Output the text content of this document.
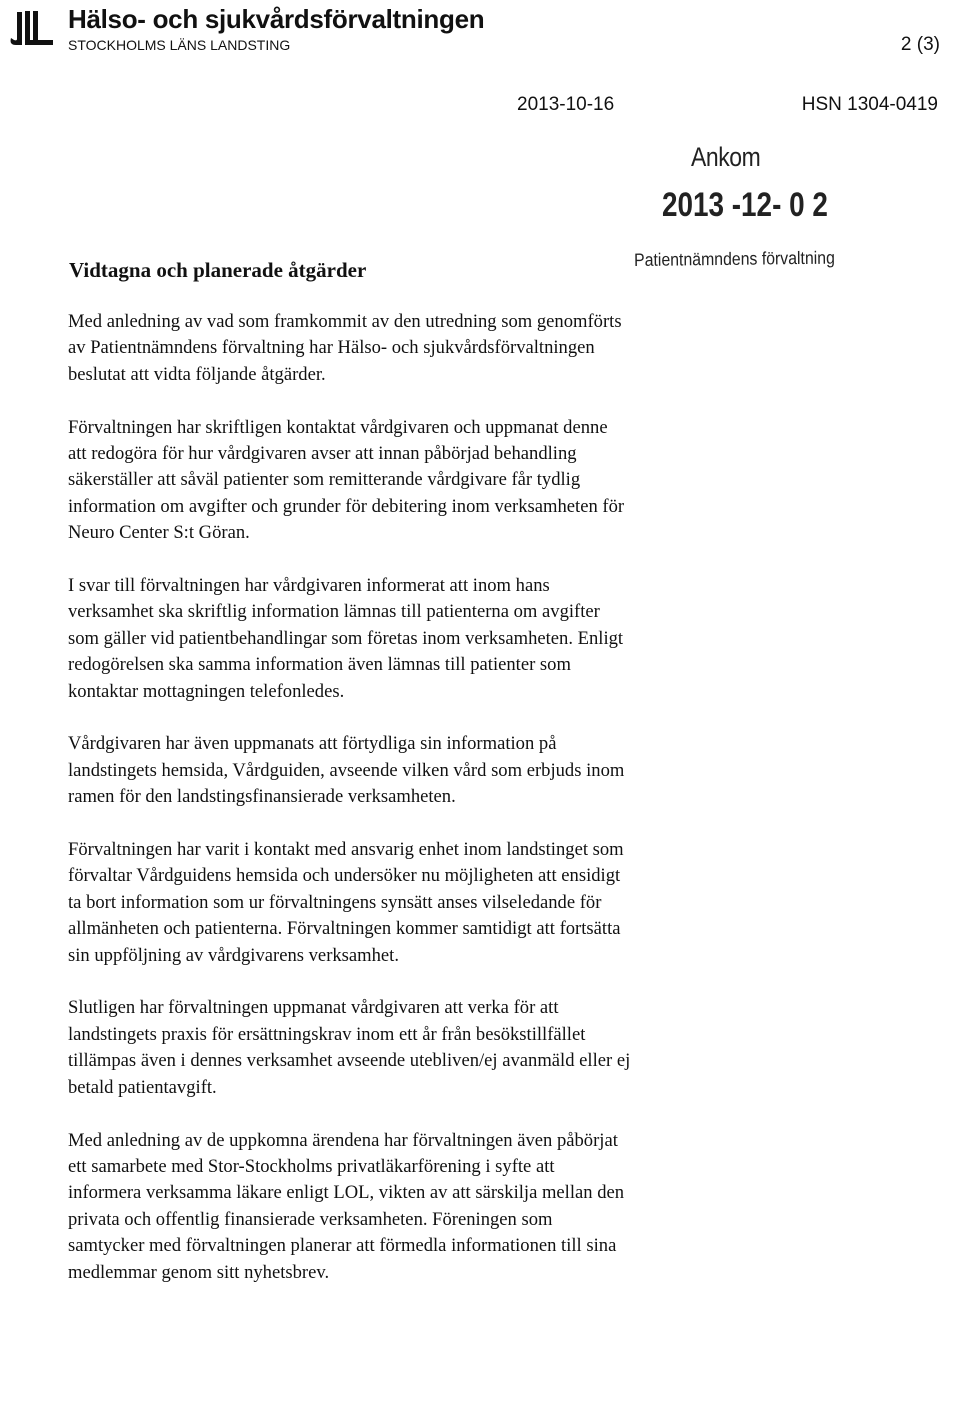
Hälso- och sjukvårdsförvaltningen
STOCKHOLMS LÄNS LANDSTING	2 (3)
2013-10-16	HSN 1304-0419
Ankom
2013 -12- 0 2
Patientnämndens förvaltning
Vidtagna och planerade åtgärder

Med anledning av vad som framkommit av den utredning som genomförts
av Patientnämndens förvaltning har Hälso- och sjukvårdsförvaltningen
beslutat att vidta följande åtgärder.

Förvaltningen har skriftligen kontaktat vårdgivaren och uppmanat denne
att redogöra för hur vårdgivaren avser att innan påbörjad behandling
säkerställer att såväl patienter som remitterande vårdgivare får tydlig
information om avgifter och grunder för debitering inom verksamheten för
Neuro Center S:t Göran.

I svar till förvaltningen har vårdgivaren informerat att inom hans
verksamhet ska skriftlig information lämnas till patienterna om avgifter
som gäller vid patientbehandlingar som företas inom verksamheten. Enligt
redogörelsen ska samma information även lämnas till patienter som
kontaktar mottagningen telefonledes.

Vårdgivaren har även uppmanats att förtydliga sin information på
landstingets hemsida, Vårdguiden, avseende vilken vård som erbjuds inom
ramen för den landstingsfinansierade verksamheten.

Förvaltningen har varit i kontakt med ansvarig enhet inom landstinget som
förvaltar Vårdguidens hemsida och undersöker nu möjligheten att ensidigt
ta bort information som ur förvaltningens synsätt anses vilseledande för
allmänheten och patienterna. Förvaltningen kommer samtidigt att fortsätta
sin uppföljning av vårdgivarens verksamhet.

Slutligen har förvaltningen uppmanat vårdgivaren att verka för att
landstingets praxis för ersättningskrav inom ett år från besökstillfället
tillämpas även i dennes verksamhet avseende utebliven/ej avanmäld eller ej
betald patientavgift.

Med anledning av de uppkomna ärendena har förvaltningen även påbörjat
ett samarbete med Stor-Stockholms privatläkarförening i syfte att
informera verksamma läkare enligt LOL, vikten av att särskilja mellan den
privata och offentlig finansierade verksamheten. Föreningen som
samtycker med förvaltningen planerar att förmedla informationen till sina
medlemmar genom sitt nyhetsbrev.
